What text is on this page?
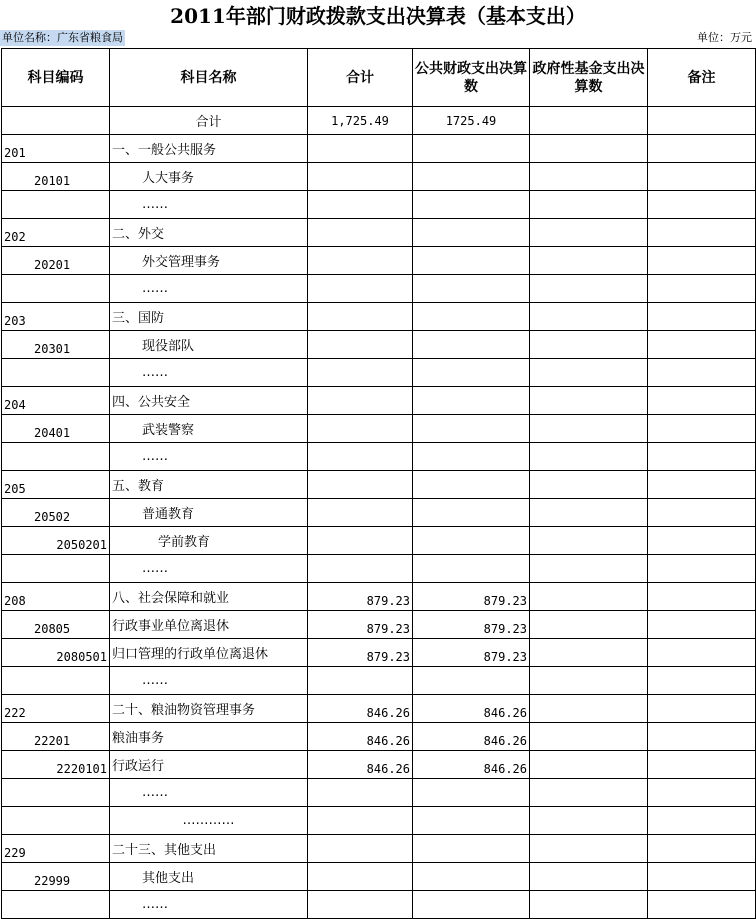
2011年部门财政拨款支出决算表（基本支出）
单位名称：广东省粮食局	单位：万元
科目编码	科目名称	合计	公共财政支出决算数	政府性基金支出决算数	备注
	合计	1,725.49	1725.49		
201	一、一般公共服务				
20101	人大事务				
	……				
202	二、外交				
20201	外交管理事务				
	……				
203	三、国防				
20301	现役部队				
	……				
204	四、公共安全				
20401	武装警察				
	……				
205	五、教育				
20502	普通教育				
2050201	学前教育				
	……				
208	八、社会保障和就业	879.23	879.23		
20805	行政事业单位离退休	879.23	879.23		
2080501	归口管理的行政单位离退休	879.23	879.23		
	……				
222	二十、粮油物资管理事务	846.26	846.26		
22201	粮油事务	846.26	846.26		
2220101	行政运行	846.26	846.26		
	……				
	…………				
229	二十三、其他支出				
22999	其他支出				
	……				
